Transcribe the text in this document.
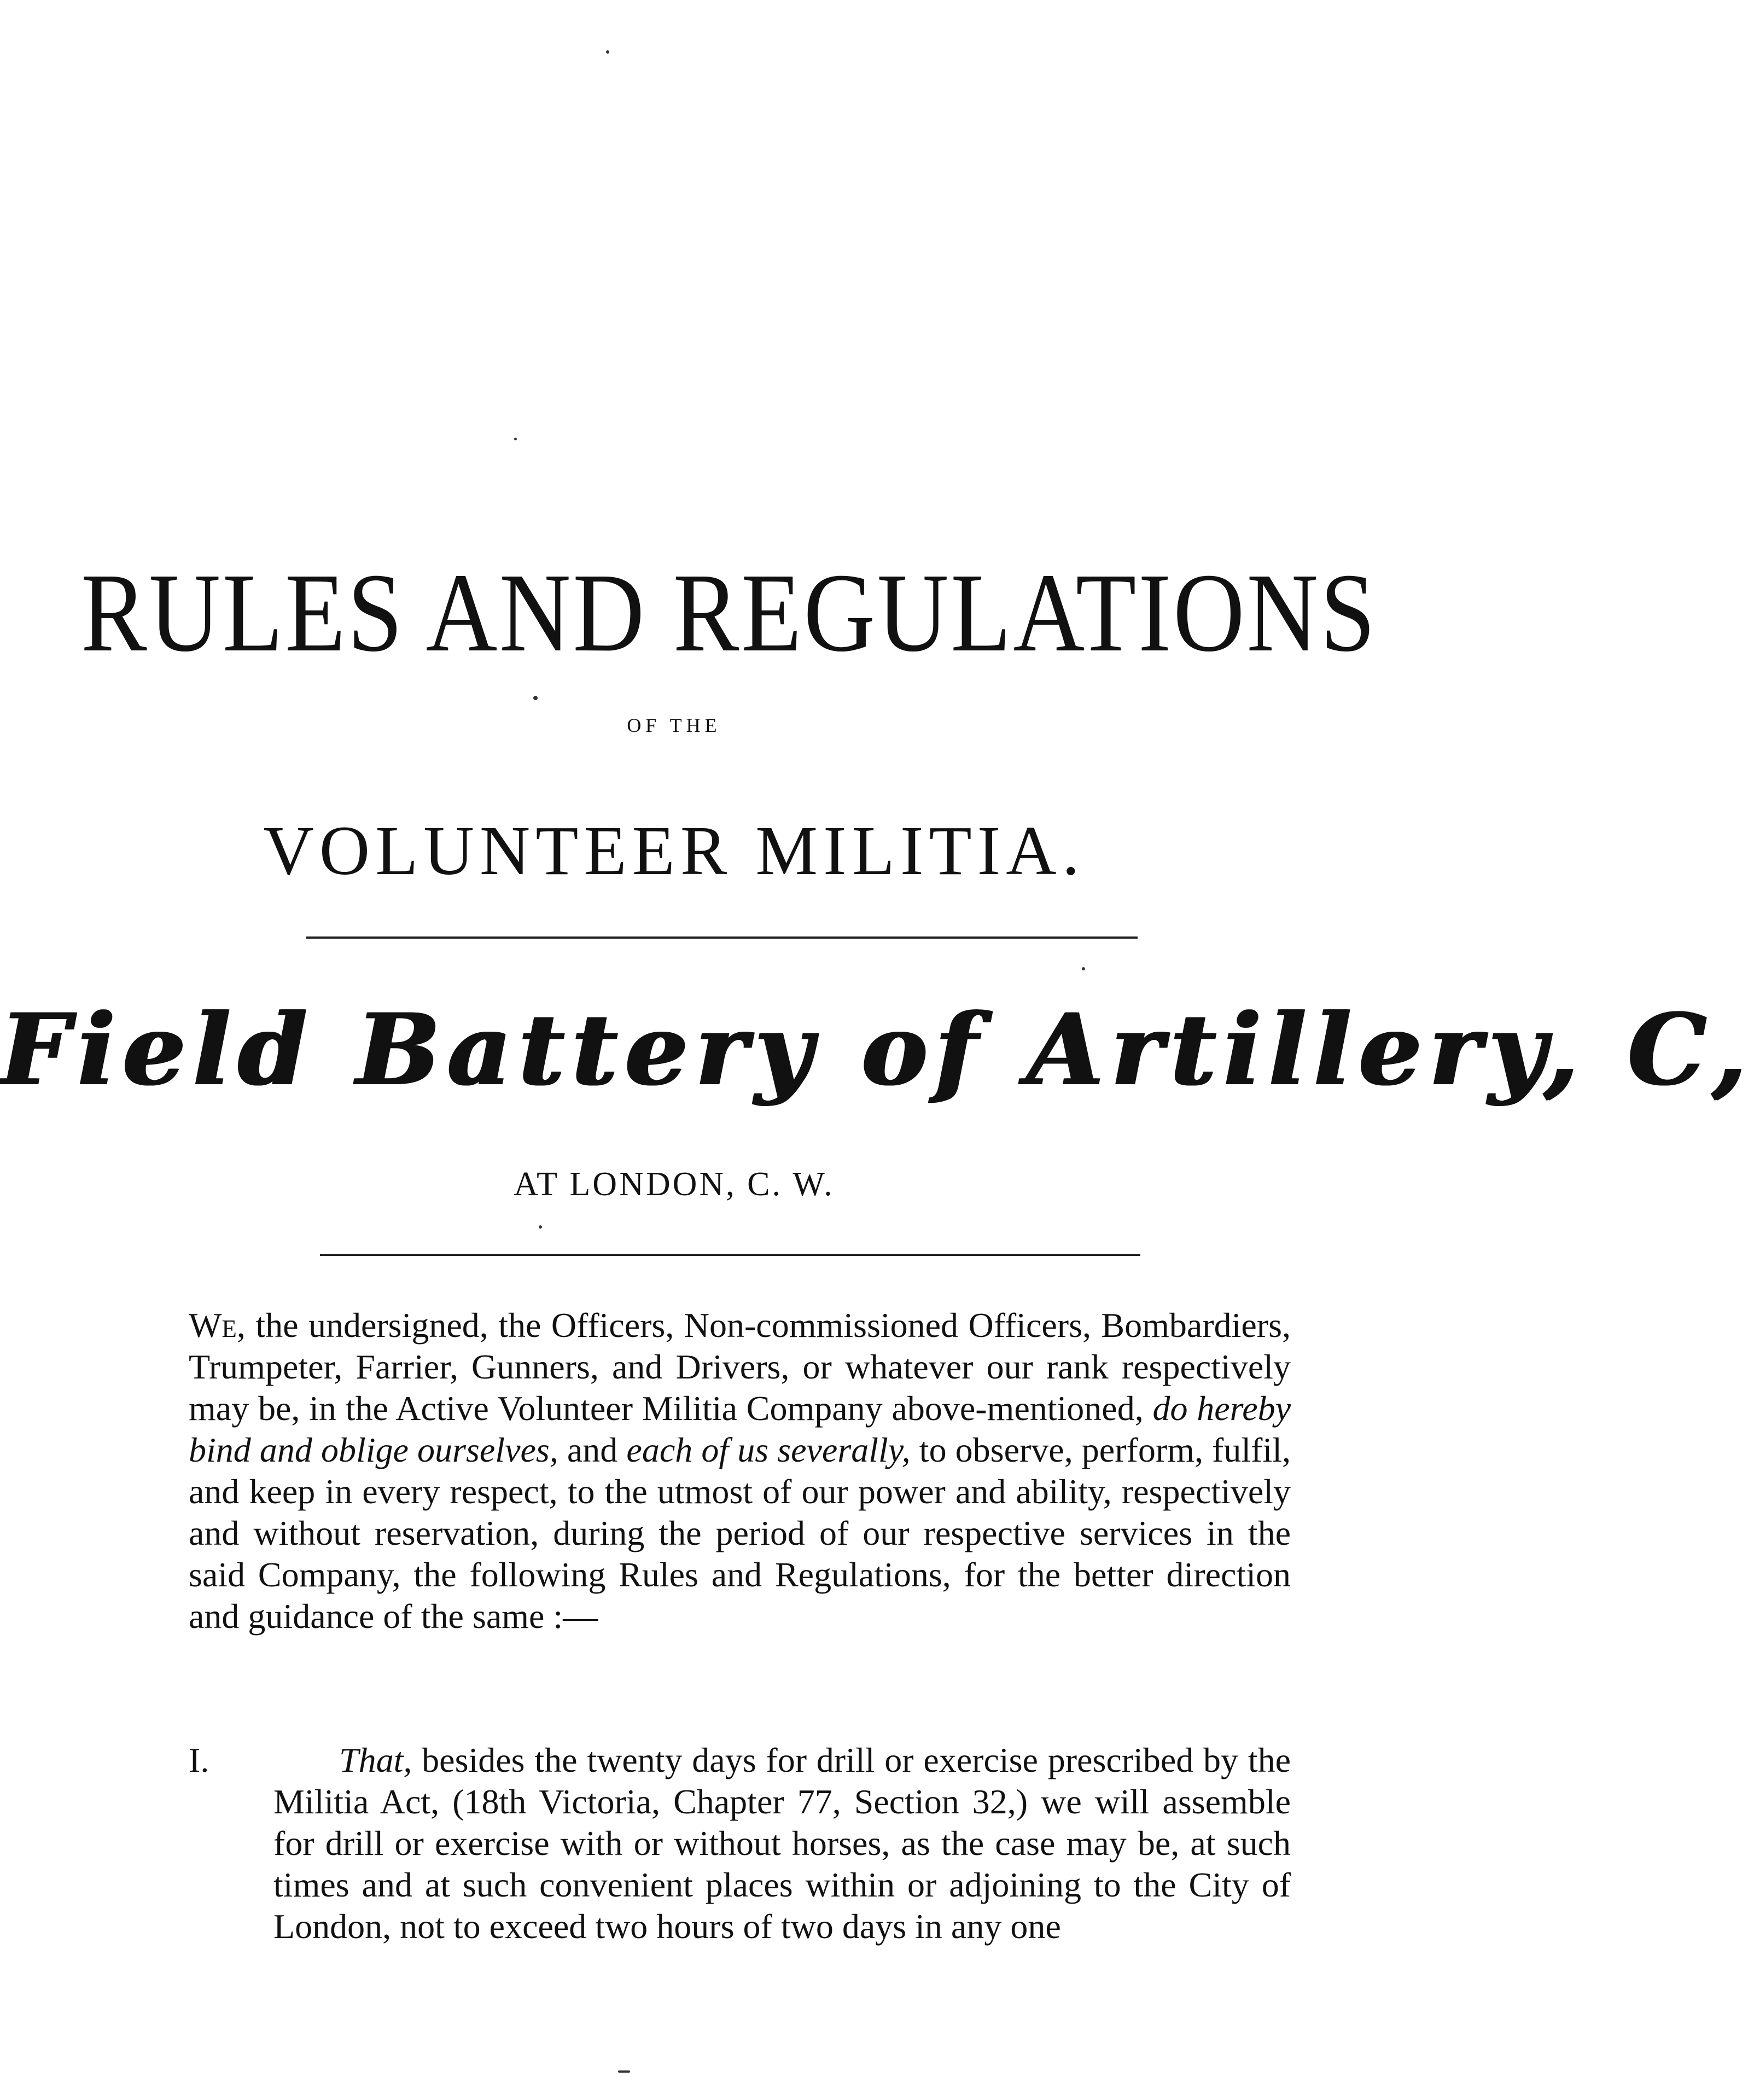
RULES AND REGULATIONS
OF THE
VOLUNTEER MILITIA.
Field Battery of Artillery, C,
AT LONDON, C. W.
We, the undersigned, the Officers, Non-commissioned Officers, Bombardiers, Trumpeter, Farrier, Gunners, and Drivers, or whatever our rank respectively may be, in the Active Volunteer Militia Company above-mentioned, do hereby bind and oblige ourselves, and each of us severally, to observe, perform, fulfil, and keep in every respect, to the utmost of our power and ability, respectively and without reservation, during the period of our respective services in the said Company, the following Rules and Regulations, for the better direction and guidance of the same :—
I.	That, besides the twenty days for drill or exercise prescribed by the Militia Act, (18th Victoria, Chapter 77, Section 32,) we will assemble for drill or exercise with or without horses, as the case may be, at such times and at such convenient places within or adjoining to the City of London, not to exceed two hours of two days in any one
